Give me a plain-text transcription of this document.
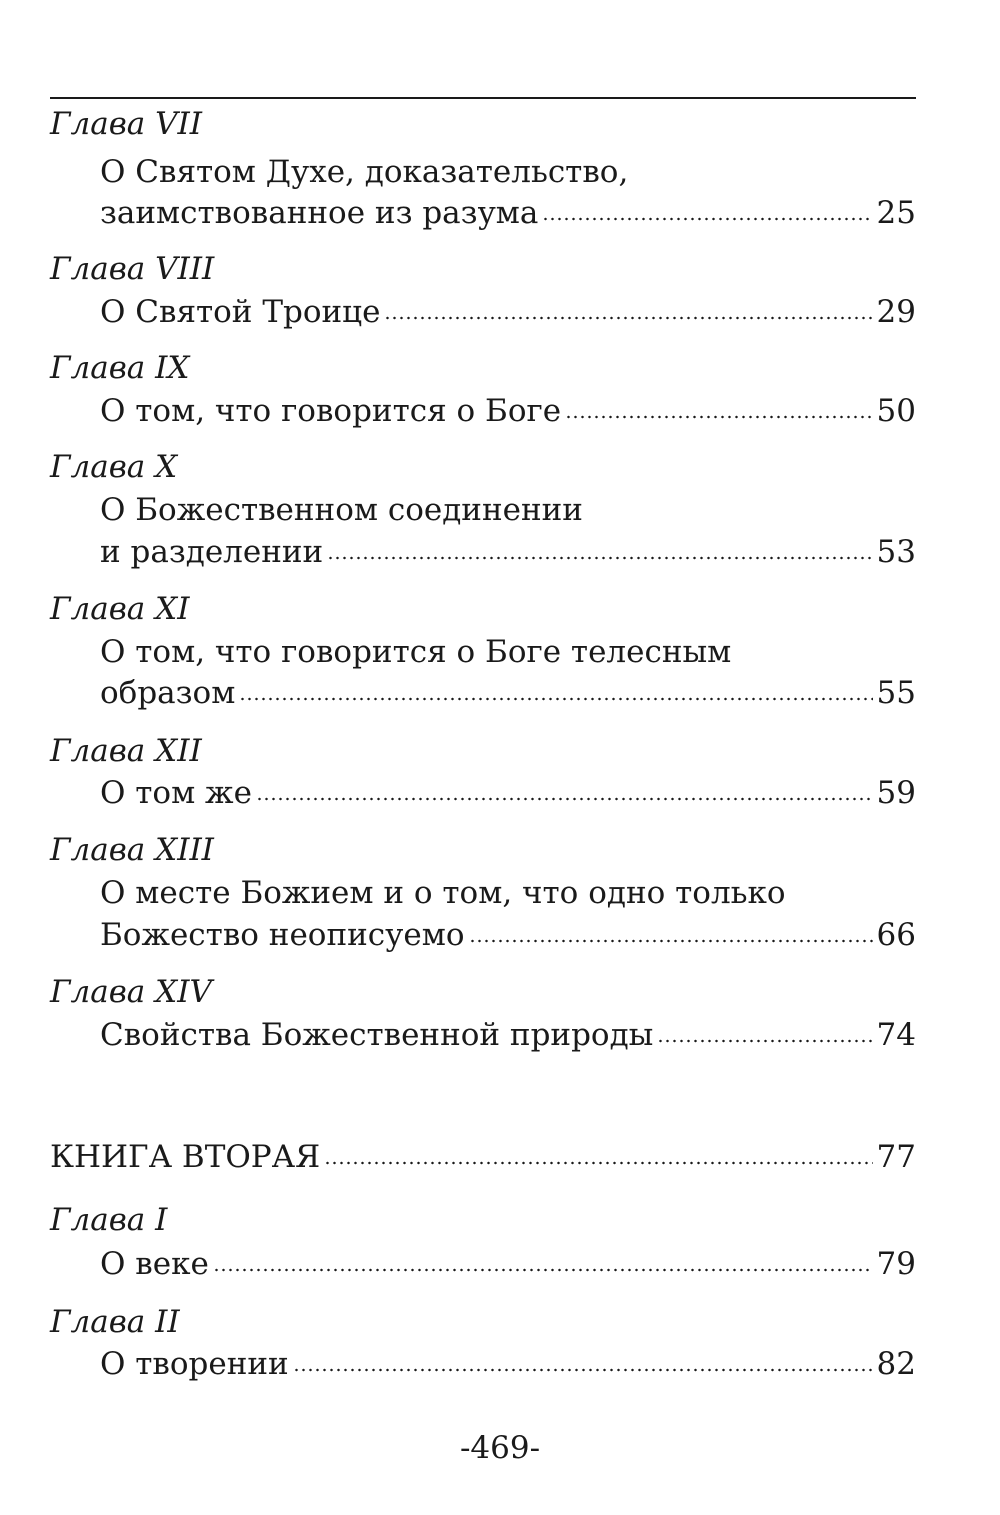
Глава VII
О Святом Духе, доказательство,
заимствованное из разума	25
Глава VIII
О Святой Троице	29
Глава IX
О том, что говорится о Боге	50
Глава X
О Божественном соединении
и разделении	53
Глава XI
О том, что говорится о Боге телесным
образом	55
Глава XII
О том же	59
Глава XIII
О месте Божием и о том, что одно только
Божество неописуемо	66
Глава XIV
Свойства Божественной природы	74
КНИГА ВТОРАЯ	77
Глава I
О веке	79
Глава II
О творении	82
-469-
